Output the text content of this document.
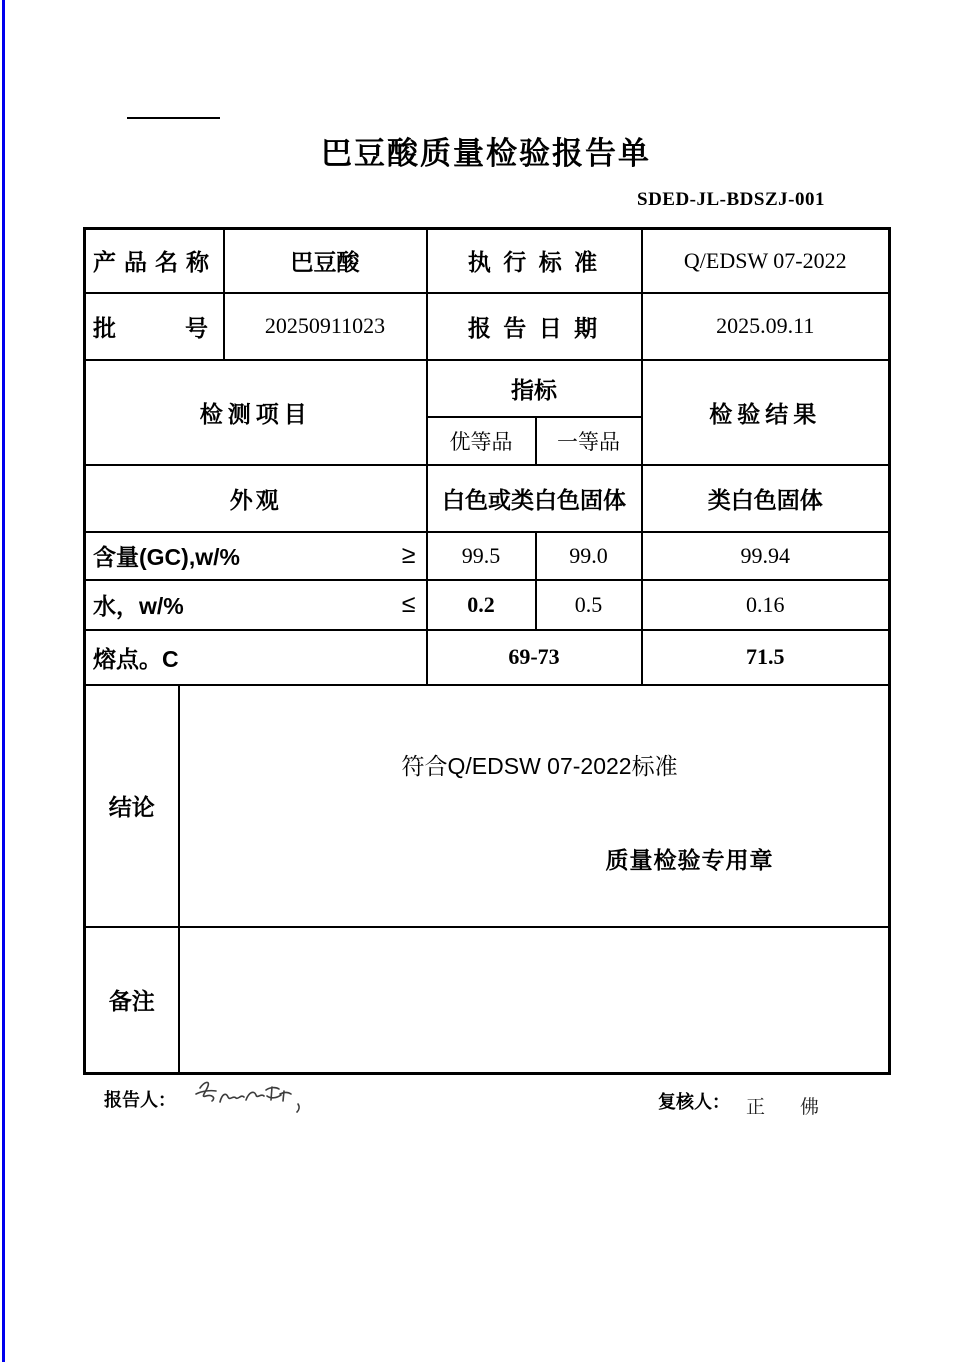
巴豆酸质量检验报告单
SDED-JL-BDSZJ-001
产品名称		巴豆酸	执 行 标 准		Q/EDSW 07-2022
批　　　号		20250911023	报 告 日 期		2025.09.11
检测项目			指标		检验结果
			优等品	一等品	
外观			白色或类白色固体		类白色固体

含量(GC),w/% ≥			99.5	99.0	99.94

水，w/% ≤			0.2	0.5	0.16
熔点。C			69-73		71.5
结论	符合Q/EDSW 07-2022标准
质量检验专用章				

备注					
报告人：	复核人： 正　佛
